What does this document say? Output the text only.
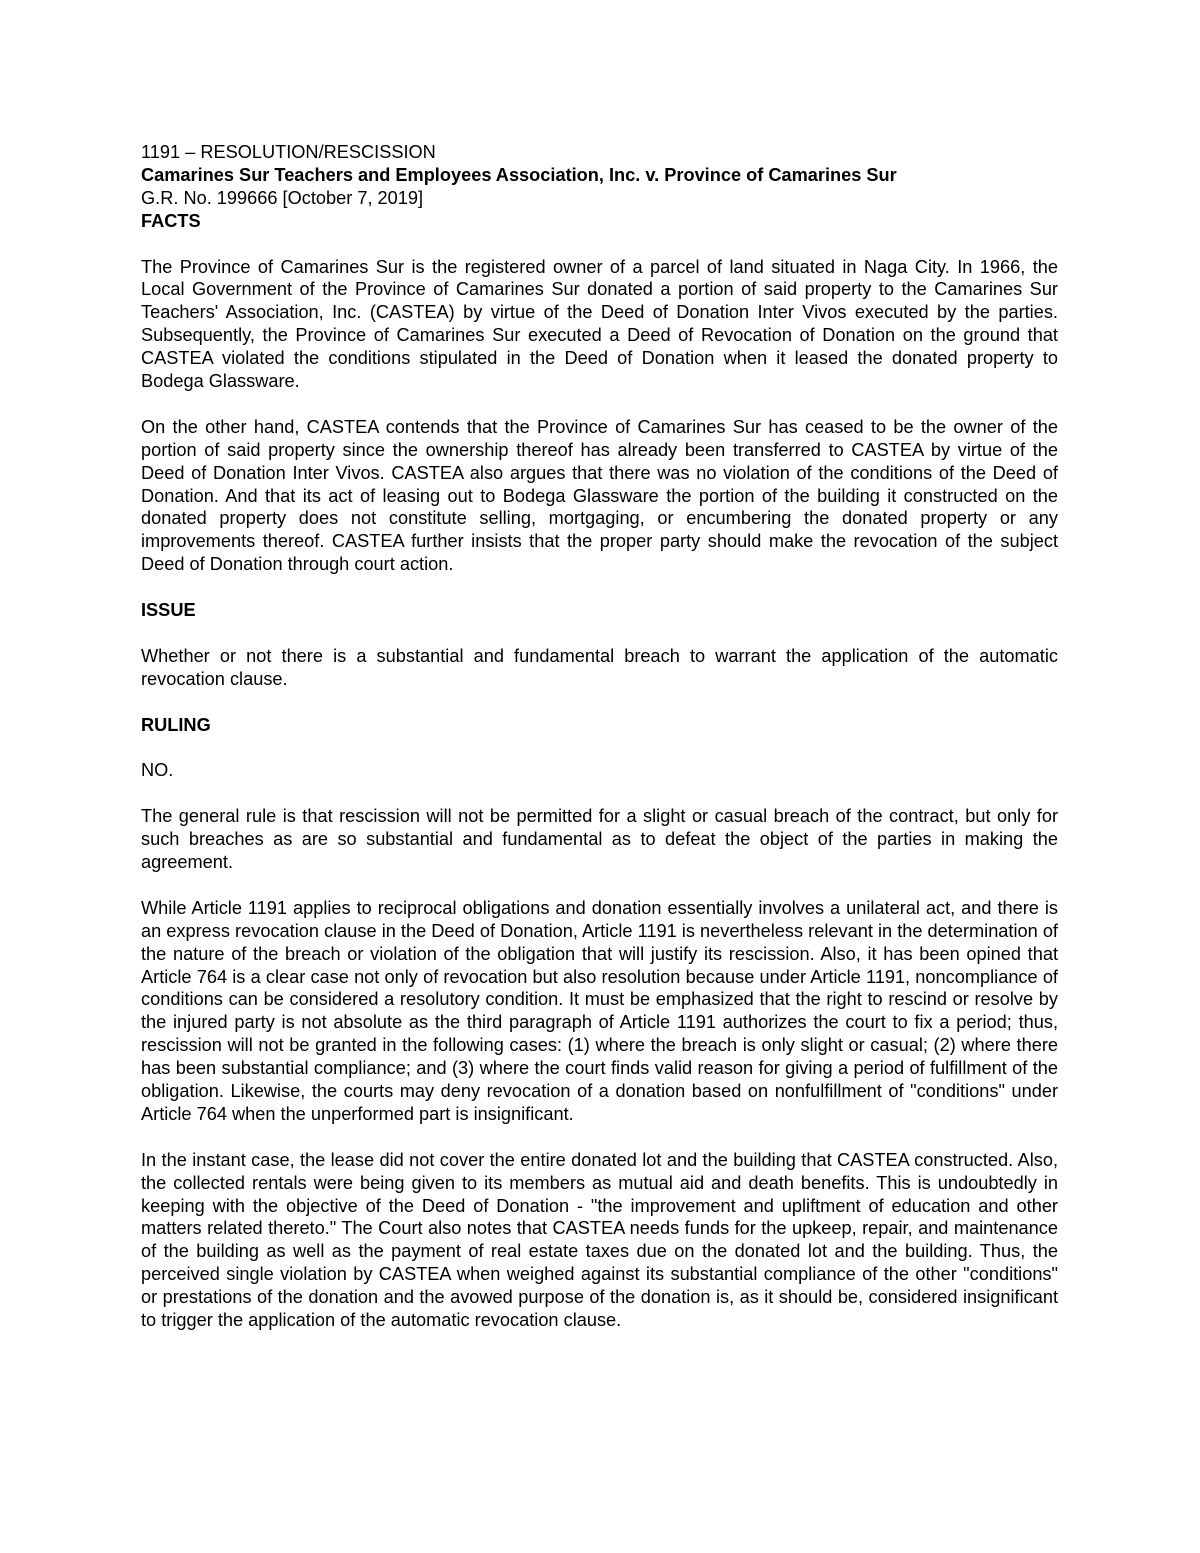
1191 – RESOLUTION/RESCISSION
Camarines Sur Teachers and Employees Association, Inc. v. Province of Camarines Sur
G.R. No. 199666 [October 7, 2019]
FACTS

The Province of Camarines Sur is the registered owner of a parcel of land situated in Naga City. In 1966, the Local Government of the Province of Camarines Sur donated a portion of said property to the Camarines Sur Teachers' Association, Inc. (CASTEA) by virtue of the Deed of Donation Inter Vivos executed by the parties. Subsequently, the Province of Camarines Sur executed a Deed of Revocation of Donation on the ground that CASTEA violated the conditions stipulated in the Deed of Donation when it leased the donated property to Bodega Glassware.

On the other hand, CASTEA contends that the Province of Camarines Sur has ceased to be the owner of the portion of said property since the ownership thereof has already been transferred to CASTEA by virtue of the Deed of Donation Inter Vivos. CASTEA also argues that there was no violation of the conditions of the Deed of Donation. And that its act of leasing out to Bodega Glassware the portion of the building it constructed on the donated property does not constitute selling, mortgaging, or encumbering the donated property or any improvements thereof. CASTEA further insists that the proper party should make the revocation of the subject Deed of Donation through court action.

ISSUE

Whether or not there is a substantial and fundamental breach to warrant the application of the automatic revocation clause.

RULING
NO.

The general rule is that rescission will not be permitted for a slight or casual breach of the contract, but only for such breaches as are so substantial and fundamental as to defeat the object of the parties in making the agreement.

While Article 1191 applies to reciprocal obligations and donation essentially involves a unilateral act, and there is an express revocation clause in the Deed of Donation, Article 1191 is nevertheless relevant in the determination of the nature of the breach or violation of the obligation that will justify its rescission. Also, it has been opined that Article 764 is a clear case not only of revocation but also resolution because under Article 1191, noncompliance of conditions can be considered a resolutory condition. It must be emphasized that the right to rescind or resolve by the injured party is not absolute as the third paragraph of Article 1191 authorizes the court to fix a period; thus, rescission will not be granted in the following cases: (1) where the breach is only slight or casual; (2) where there has been substantial compliance; and (3) where the court finds valid reason for giving a period of fulfillment of the obligation. Likewise, the courts may deny revocation of a donation based on nonfulfillment of "conditions" under Article 764 when the unperformed part is insignificant.

In the instant case, the lease did not cover the entire donated lot and the building that CASTEA constructed. Also, the collected rentals were being given to its members as mutual aid and death benefits. This is undoubtedly in keeping with the objective of the Deed of Donation - "the improvement and upliftment of education and other matters related thereto." The Court also notes that CASTEA needs funds for the upkeep, repair, and maintenance of the building as well as the payment of real estate taxes due on the donated lot and the building. Thus, the perceived single violation by CASTEA when weighed against its substantial compliance of the other "conditions" or prestations of the donation and the avowed purpose of the donation is, as it should be, considered insignificant to trigger the application of the automatic revocation clause.
